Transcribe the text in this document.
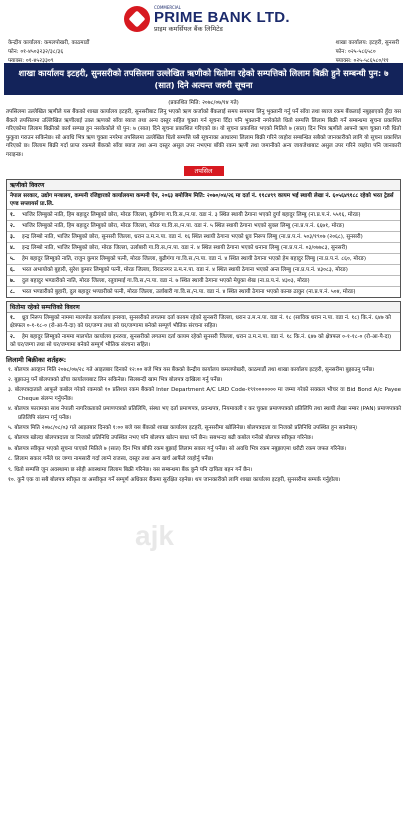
COMMERCIAL
PRIME BANK LTD.
प्राइम कमर्सियल बैंक लिमिटेड
केन्द्रीय कार्यालय: कमलपोखरी, काठमाडौं
फोन: ०१-४५०३२३२/३८/३६
फ्याक्स: ०१-४५२३३०९
शाखा कार्यालय: इटहरी, सुनसरी
फोन: ०२५-५८६५८०
फ्याक्स: ०२५-५८६५८०/११
शाखा कार्यालय इटहरी, सुनसरीको तपसिलमा उल्लेखित ऋणीको धितोमा रहेको सम्पत्तिको लिलाम बिक्री हुने सम्बन्धी पुन: ७ (सात) दिने अत्यन्त जरुरी सूचना
(प्रकाशित मिति: २०७८/०७/१४ गते)
तपसिलमा उल्लेखित ऋणीले यस बैंकको शाखा कार्यालय इटहरी, सुनसरीबाट लिनु भएको ऋण कर्जाको बैंकलाई समय समयमा लिनु भुक्तानी गर्नु पर्ने साँवा तथा ब्याज रकम बैंकलाई नबुझाएको हुँदा यस बैंकले तपसिलमा उल्लिखित ऋणीलाई उक्त ऋणको साँवा ब्याज तथा अन्य दस्तुर सहित चुक्ता गर्न सूचना दिँदा पनि भुक्तानी नगरेकोले धितो सम्पत्ति लिलाम बिक्री गर्ने सम्बन्धमा सूचना प्रकाशित गरिएकोमा लिलाम बिक्रीको कार्य सम्पन्न हुन नसकेकोले यो पुन: ७ (सात) दिने सूचना प्रकाशित गरिएको छ। यो सूचना प्रकाशित भएको मितिले ७ (सात) दिन भित्र ऋणीले आफ्नो ऋण चुक्ता गरी धितो फुकुवा गराउन सकिनेछ। सो अवधि भित्र ऋण चुक्ता नगरेमा तपसिलमा उल्लेखित धितो सम्पत्ति यसै सूचनाका आधारमा लिलाम बिक्री गरिने व्यहोरा सम्बन्धित सबैको जानकारीको लागि यो सूचना प्रकाशित गरिएको छ। लिलाम बिक्री गर्दा प्राप्त रकमले बैंकको साँवा ब्याज तथा अन्य दस्तुर असुल उपर नभएमा बाँकी रकम ऋणी तथा जमानीको अन्य जायजेथाबाट असुल उपर गरिने व्यहोरा पनि जानकारी गराइन्छ।
तपसिल
ऋणीको विवरण
नेपाल सरकार, उद्योग मन्त्रालय, कम्पनी रजिष्ट्रारको कार्यालयमा कम्पनी ऐन, २०६३ बमोजिम मिति: २०७०/०४/२६ मा दर्ता नं. ११८४९९ कायम भई स्थायी लेखा नं. ६०५६४९१८८ रहेको भरत ट्रेडर्स एण्ड सप्लायर्स प्रा.लि.
१. भाजिर लिम्बुको नाति, हिम बहादुर लिम्बुको छोरा, मोरङ जिल्ला, बुढीगंगा गा.वि.स./न.पा. वडा नं. ३ स्थित स्थायी ठेगाना भएको दुर्गा बहादुर लिम्बु (ना.प्र.प.नं. ५५१६, मोरङ)
२. भाजिर लिम्बुको नाति, हिम बहादुर लिम्बुको छोरा, मोरङ जिल्ला, मोरङ गा.वि.स./न.पा. वडा नं. ५ स्थित स्थायी ठेगाना भएको सुक्ल लिम्बु (ना.प्र.प.नं. ६६७१, मोरङ)
३. इन्द्र लिम्बो नाति, भाजिर लिम्बुको छोरा, सुनसरी जिल्ला, धरान उ.म.न.पा. वडा नं. १६ स्थित स्थायी ठेगाना भएको ध्रुव निरूप लिम्बु (ना.प्र.प.नं. ५०३/१९०७ (२०६८), सुनसरी)
४. इन्द्र लिम्बो नाति, भाजिर लिम्बुको छोरा, मोरङ जिल्ला, उर्लाबारी गा.वि.स./न.पा. वडा नं. ४ स्थित स्थायी ठेगाना भएको धनाना लिम्बु (ना.प्र.प.नं. ०३/०७७८३, सुनसरी)
५. हेम बहादुर लिम्बुको नाति, राजुन कुमार लिम्बुको पत्नी, मोरङ जिल्ला, बुढीगंगा गा.वि.स./न.पा. वडा नं. ४ स्थित स्थायी ठेगाना भएको हेम बहादुर लिम्बु (ना.प्र.प.नं. ८६०, मोरङ)
६. भरत अभायोको बुहारी, सुरेश कुमार लिम्बुको पत्नी, मोरङ जिल्ला, विराटनगर उ.म.न.पा. वडा नं. ४ स्थित स्थायी ठेगाना भएको अन्त लिम्बु (ना.प्र.प.नं. ४३०८३, मोरङ)
७. दुल बहादुर भण्डारीको नाति, मोरङ जिल्ला, रतुवामाई गा.वि.स./न.पा. वडा नं. ७ स्थित स्थायी ठेगाना भएको मेघुका शेख (ना.प्र.प.नं. ४३०३, मोरङ)
८. भरत भण्डारीको बुहारी, दुल बहादुर भण्डारीको पत्नी, मोरङ जिल्ला, उर्लाबारी गा.वि.स./न.पा. वडा नं. ४ स्थित स्थायी ठेगाना भएको कान्छ ठाकुर (ना.प्र.प.नं. ५०४, मोरङ)
धितोमा रहेको सम्पत्तिको विवरण
१. ध्रुव निरूप लिम्बुको नाममा मालपोत कार्यालय इनरुवा, सुनसरीको लगतमा दर्ता कायम रहेको सुनसरी जिल्ला, धरान उ.म.न.पा. वडा नं. १८ (साविक धरान न.पा. वडा नं. १८) कि.नं. ६४७ को क्षेत्रफल ०-१-१८-० (रो-आ-पै-दा) को घर/जग्गा तथा सो घर/जग्गामा बनेको सम्पूर्ण भौतिक संरचना सहित।
२. हेम बहादुर लिम्बुको नाममा मालपोत कार्यालय इनरुवा, सुनसरीको लगतमा दर्ता कायम रहेको सुनसरी जिल्ला, धरान उ.म.न.पा. वडा नं. १८ कि.नं. ६४७ को क्षेत्रफल ०-१-१८-० (रो-आ-पै-दा) को घर/जग्गा तथा सो घर/जग्गामा बनेको सम्पूर्ण भौतिक संरचना सहित।
लिलामी बिक्रीका शर्तहरू:
१. बोलपत्र आव्हान मिति २०७८/०७/२८ गते आइतबार दिनको १२:०० बजे भित्र यस बैंकको केन्द्रीय कार्यालय कमलपोखरी, काठमाडौं तथा शाखा कार्यालय इटहरी, सुनसरीमा बुझाउनु पर्नेछ।
२. बुझाउनु पर्ने बोलपत्रको ढाँचा कार्यालयबाट लिन सकिनेछ। सिलबन्दी खाम भित्र बोलपत्र दाखिला गर्नु पर्नेछ।
३. बोलपत्रदाताले आफूले कबोल गरेको रकमको १० प्रतिशत रकम बैंकको Inter Department A/C LRD Code-१९१००००००० मा जम्मा गरेको सक्कल भौचर वा Bid Bond A/c Payee Cheque संलग्न गर्नुपर्नेछ।
४. बोलपत्र फारामका साथ नेपाली नागरिकताको प्रमाणपत्रको प्रतिलिपि, संस्था भए दर्ता प्रमाणपत्र, प्रवन्धपत्र, नियमावली र कर चुक्ता प्रमाणपत्रको प्रतिलिपि तथा स्थायी लेखा नम्बर (PAN) प्रमाणपत्रको प्रतिलिपि संलग्न गर्नु पर्नेछ।
५. बोलपत्र मिति २०७८/०८/०३ गते आइतबार दिनको १:०० बजे यस बैंकको शाखा कार्यालय इटहरी, सुनसरीमा खोलिनेछ। बोलपत्रदाता वा निजको प्रतिनिधि उपस्थित हुन सक्नेछन्।
६. बोलपत्र खोल्दा बोलपत्रदाता वा निजको प्रतिनिधि उपस्थित नभए पनि बोलपत्र खोल्न बाधा पर्ने छैन। सबभन्दा बढी कबोल गर्नेको बोलपत्र स्वीकृत गरिनेछ।
७. बोलपत्र स्वीकृत भएको सूचना पाएको मितिले ७ (सात) दिन भित्र बाँकी रकम बुझाई लिलाम सकार गर्नु पर्नेछ। सो अवधि भित्र रकम नबुझाएमा धरौटी रकम जफत गरिनेछ।
८. लिलाम सकार गर्नेले घर जग्गा नामसारी गर्दा लाग्ने राजस्व, दस्तुर तथा अन्य खर्च आफैंले व्यहोर्नु पर्नेछ।
९. धितो सम्पत्ति जुन अवस्थामा छ सोही अवस्थामा लिलाम बिक्री गरिनेछ। यस सम्बन्धमा बैंक कुनै पनि दायित्व बहन गर्ने छैन।
१०. कुनै एक वा सबै बोलपत्र स्वीकृत वा अस्वीकृत गर्ने सम्पूर्ण अधिकार बैंकमा सुरक्षित रहनेछ। थप जानकारीको लागि शाखा कार्यालय इटहरी, सुनसरीमा सम्पर्क गर्नुहोला।
ajk
